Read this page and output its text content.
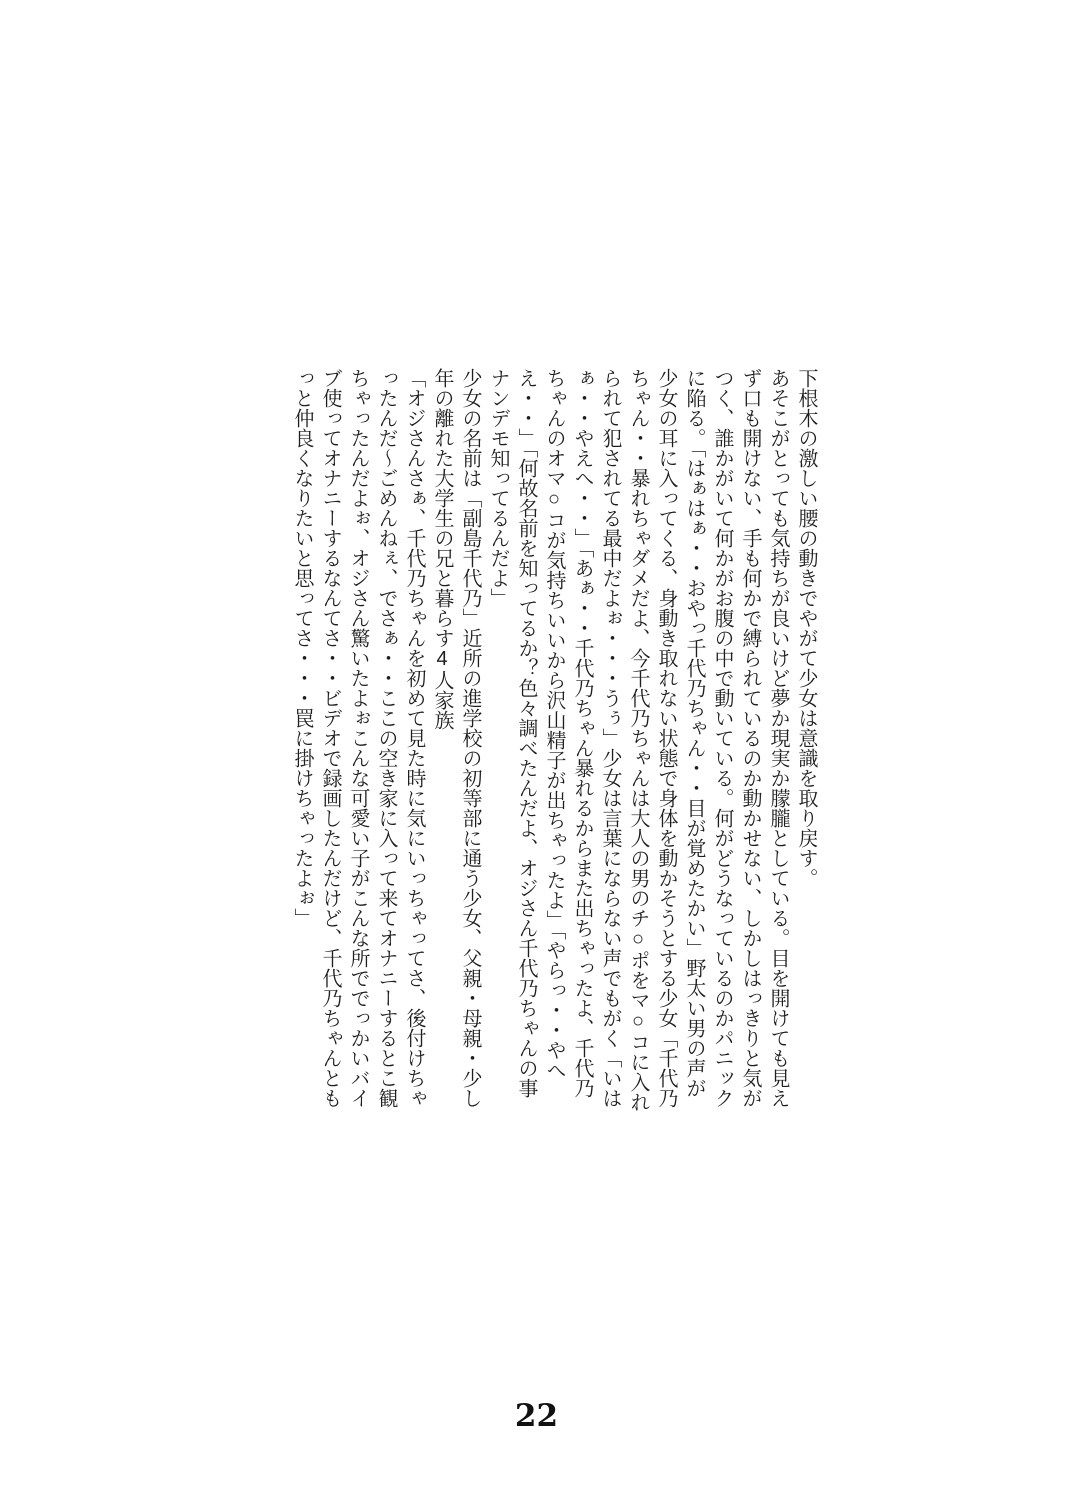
下根木の激しい腰の動きでやがて少女は意識を取り戻す。

あそこがとっても気持ちが良いけど夢か現実か朦朧としている。目を開けても見えず口も開けない、手も何かで縛られているのか動かせない、しかしはっきりと気がつく、誰かがいて何かがお腹の中で動いている。何がどうなっているのかパニックに陥る。「はぁはぁ・・おやっ千代乃ちゃん・・目が覚めたかい」野太い男の声が少女の耳に入ってくる、身動き取れない状態で身体を動かそうとする少女「千代乃ちゃん・・暴れちゃダメだよ、今千代乃ちゃんは大人の男のチ○ポをマ○コに入れられて犯されてる最中だよぉ・・・うぅ」少女は言葉にならない声でもがく「いはぁ・・やえへ・・」「あぁ・・千代乃ちゃん暴れるからまた出ちゃったよ、千代乃ちゃんのオマ○コが気持ちいいから沢山精子が出ちゃったよ」「やらっ・・やへえ・・」「何故名前を知ってるか？色々調べたんだよ、オジさん千代乃ちゃんの事ナンデモ知ってるんだよ」

少女の名前は「副島千代乃」近所の進学校の初等部に通う少女、父親・母親・少し年の離れた大学生の兄と暮らす4人家族

「オジさんさぁ、千代乃ちゃんを初めて見た時に気にいっちゃってさ、後付けちゃったんだ〜ごめんねぇ、でさぁ・・ここの空き家に入って来てオナニーするとこ観ちゃったんだよぉ、オジさん驚いたよぉこんな可愛い子がこんな所ででっかいバイブ使ってオナニーするなんてさ・・ビデオで録画したんだけど、千代乃ちゃんともっと仲良くなりたいと思ってさ・・・罠に掛けちゃったよぉ」

22
